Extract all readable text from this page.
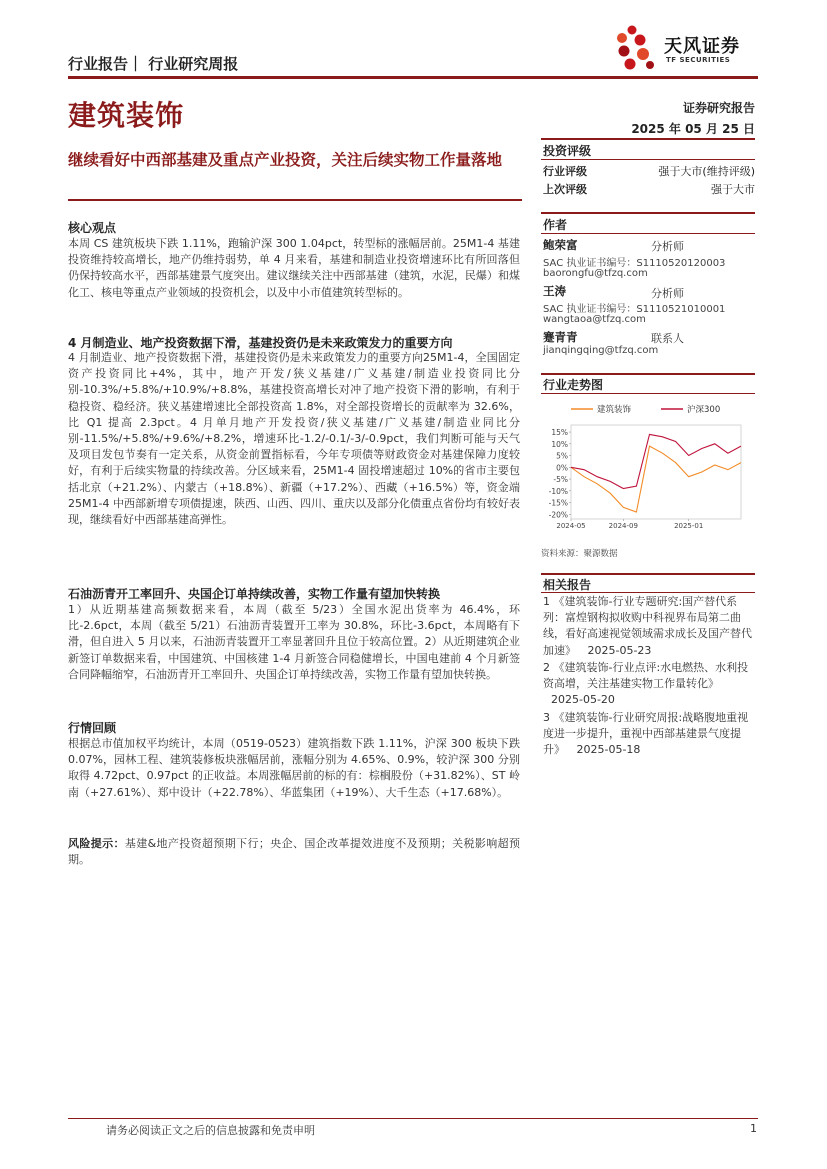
行业报告｜ 行业研究周报
天风证券
TF SECURITIES
建筑装饰	证券研究报告
2025 年 05 月 25 日
继续看好中西部基建及重点产业投资，关注后续实物工作量落地
核心观点
本周 CS 建筑板块下跌 1.11%，跑输沪深 300 1.04pct，转型标的涨幅居前。25M1-4 基建投资维持较高增长，地产仍维持弱势，单 4 月来看，基建和制造业投资增速环比有所回落但仍保持较高水平，西部基建景气度突出。建议继续关注中西部基建（建筑，水泥，民爆）和煤化工、核电等重点产业领域的投资机会，以及中小市值建筑转型标的。
4 月制造业、地产投资数据下滑，基建投资仍是未来政策发力的重要方向
4 月制造业、地产投资数据下滑，基建投资仍是未来政策发力的重要方向25M1-4，全国固定资产投资同比+4%，其中，地产开发/狭义基建/广义基建/制造业投资同比分别-10.3%/+5.8%/+10.9%/+8.8%，基建投资高增长对冲了地产投资下滑的影响，有利于稳投资、稳经济。狭义基建增速比全部投资高 1.8%，对全部投资增长的贡献率为 32.6%，比 Q1 提高 2.3pct。4 月单月地产开发投资/狭义基建/广义基建/制造业同比分别-11.5%/+5.8%/+9.6%/+8.2%，增速环比-1.2/-0.1/-3/-0.9pct，我们判断可能与天气及项目发包节奏有一定关系，从资金前置指标看，今年专项债等财政资金对基建保障力度较好，有利于后续实物量的持续改善。分区域来看，25M1-4 固投增速超过 10%的省市主要包括北京（+21.2%）、内蒙古（+18.8%）、新疆（+17.2%）、西藏（+16.5%）等，资金端 25M1-4 中西部新增专项债提速，陕西、山西、四川、重庆以及部分化债重点省份均有较好表现，继续看好中西部基建高弹性。
石油沥青开工率回升、央国企订单持续改善，实物工作量有望加快转换
1）从近期基建高频数据来看，本周（截至 5/23）全国水泥出货率为 46.4%，环比-2.6pct，本周（截至 5/21）石油沥青装置开工率为 30.8%，环比-3.6pct，本周略有下滑，但自进入 5 月以来，石油沥青装置开工率显著回升且位于较高位置。2）从近期建筑企业新签订单数据来看，中国建筑、中国核建 1-4 月新签合同稳健增长，中国电建前 4 个月新签合同降幅缩窄，石油沥青开工率回升、央国企订单持续改善，实物工作量有望加快转换。
行情回顾
根据总市值加权平均统计，本周（0519-0523）建筑指数下跌 1.11%，沪深 300 板块下跌 0.07%，园林工程、建筑装修板块涨幅居前，涨幅分别为 4.65%、0.9%，较沪深 300 分别取得 4.72pct、0.97pct 的正收益。本周涨幅居前的标的有：棕榈股份（+31.82%）、ST 岭南（+27.61%）、郑中设计（+22.78%）、华蓝集团（+19%）、大千生态（+17.68%）。
风险提示：基建&地产投资超预期下行；央企、国企改革提效进度不及预期；关税影响超预期。
投资评级
行业评级	强于大市(维持评级)
上次评级	强于大市
作者
鲍荣富	分析师
SAC 执业证书编号：S1110520120003
baorongfu@tfzq.com
王涛	分析师
SAC 执业证书编号：S1110521010001
wangtaoa@tfzq.com
蹇青青	联系人
jianqingqing@tfzq.com
行业走势图
15%
10%
5%
0%
-5%
-10%
-15%
-20%
2024-05	2024-09	2025-01
建筑装饰	沪深300
资料来源：聚源数据
相关报告
1 《建筑装饰-行业专题研究:国产替代系列：富煌钢构拟收购中科视界布局第二曲线，看好高速视觉领域需求成长及国产替代加速》 2025-05-23
2 《建筑装饰-行业点评:水电燃热、水利投资高增，关注基建实物工作量转化》 2025-05-20
3 《建筑装饰-行业研究周报:战略腹地重视度进一步提升，重视中西部基建景气度提升》 2025-05-18
请务必阅读正文之后的信息披露和免责申明	1
